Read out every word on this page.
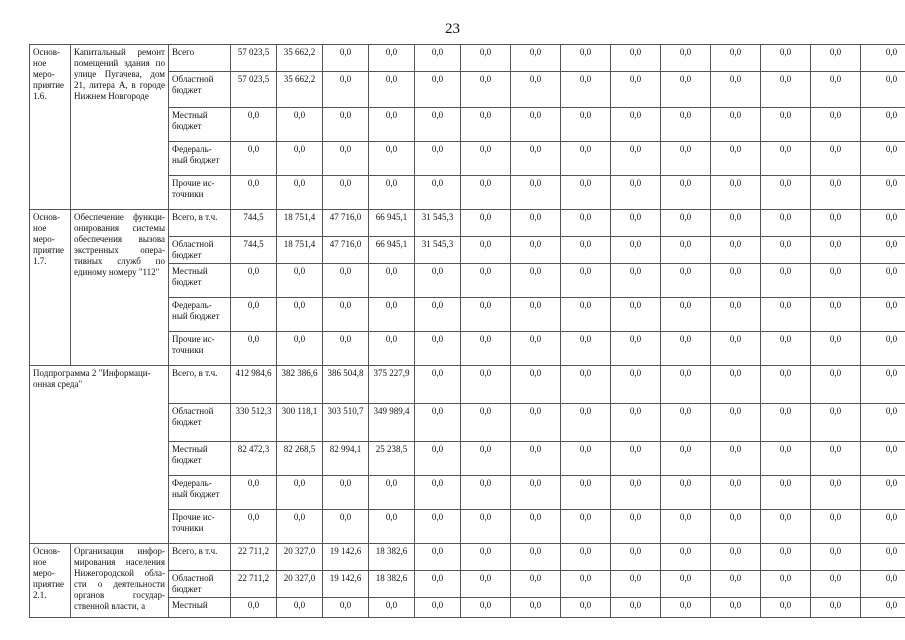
23
Основ-
ное
меро-
приятие
1.6.	Капитальный ремонт помещений здания по улице Пугачева, дом 21, литера А, в городе Нижнем Новгороде	Всего	57 023,5	35 662,2	0,0	0,0	0,0	0,0	0,0	0,0	0,0	0,0	0,0	0,0	0,0	0,0	
		Областной бюджет	57 023,5	35 662,2	0,0	0,0	0,0	0,0	0,0	0,0	0,0	0,0	0,0	0,0	0,0	0,0	
		Местный бюджет	0,0	0,0	0,0	0,0	0,0	0,0	0,0	0,0	0,0	0,0	0,0	0,0	0,0	0,0	
		Федераль-ный бюджет	0,0	0,0	0,0	0,0	0,0	0,0	0,0	0,0	0,0	0,0	0,0	0,0	0,0	0,0	
		Прочие ис-точники	0,0	0,0	0,0	0,0	0,0	0,0	0,0	0,0	0,0	0,0	0,0	0,0	0,0	0,0	
Основ-
ное
меро-
приятие
1.7.	Обеспечение функци-онирования системы обеспечения вызова экстренных опера-тивных служб по единому номеру "112"	Всего, в т.ч.	744,5	18 751,4	47 716,0	66 945,1	31 545,3	0,0	0,0	0,0	0,0	0,0	0,0	0,0	0,0	0,0	
		Областной бюджет	744,5	18 751,4	47 716,0	66 945,1	31 545,3	0,0	0,0	0,0	0,0	0,0	0,0	0,0	0,0	0,0	
		Местный бюджет	0,0	0,0	0,0	0,0	0,0	0,0	0,0	0,0	0,0	0,0	0,0	0,0	0,0	0,0	
		Федераль-ный бюджет	0,0	0,0	0,0	0,0	0,0	0,0	0,0	0,0	0,0	0,0	0,0	0,0	0,0	0,0	
		Прочие ис-точники	0,0	0,0	0,0	0,0	0,0	0,0	0,0	0,0	0,0	0,0	0,0	0,0	0,0	0,0	
Подпрограмма 2 "Информаци-онная среда"		Всего, в т.ч.	412 984,6	382 386,6	386 504,8	375 227,9	0,0	0,0	0,0	0,0	0,0	0,0	0,0	0,0	0,0	0,0	
		Областной бюджет	330 512,3	300 118,1	303 510,7	349 989,4	0,0	0,0	0,0	0,0	0,0	0,0	0,0	0,0	0,0	0,0	
		Местный бюджет	82 472,3	82 268,5	82 994,1	25 238,5	0,0	0,0	0,0	0,0	0,0	0,0	0,0	0,0	0,0	0,0	
		Федераль-ный бюджет	0,0	0,0	0,0	0,0	0,0	0,0	0,0	0,0	0,0	0,0	0,0	0,0	0,0	0,0	
		Прочие ис-точники	0,0	0,0	0,0	0,0	0,0	0,0	0,0	0,0	0,0	0,0	0,0	0,0	0,0	0,0	
Основ-
ное
меро-
приятие
2.1.	Организация инфор-мирования населения Нижегородской обла-сти о деятельности органов государ-ственной власти, а	Всего, в т.ч.	22 711,2	20 327,0	19 142,6	18 382,6	0,0	0,0	0,0	0,0	0,0	0,0	0,0	0,0	0,0	0,0	
		Областной бюджет	22 711,2	20 327,0	19 142,6	18 382,6	0,0	0,0	0,0	0,0	0,0	0,0	0,0	0,0	0,0	0,0	
		Местный	0,0	0,0	0,0	0,0	0,0	0,0	0,0	0,0	0,0	0,0	0,0	0,0	0,0	0,0	
